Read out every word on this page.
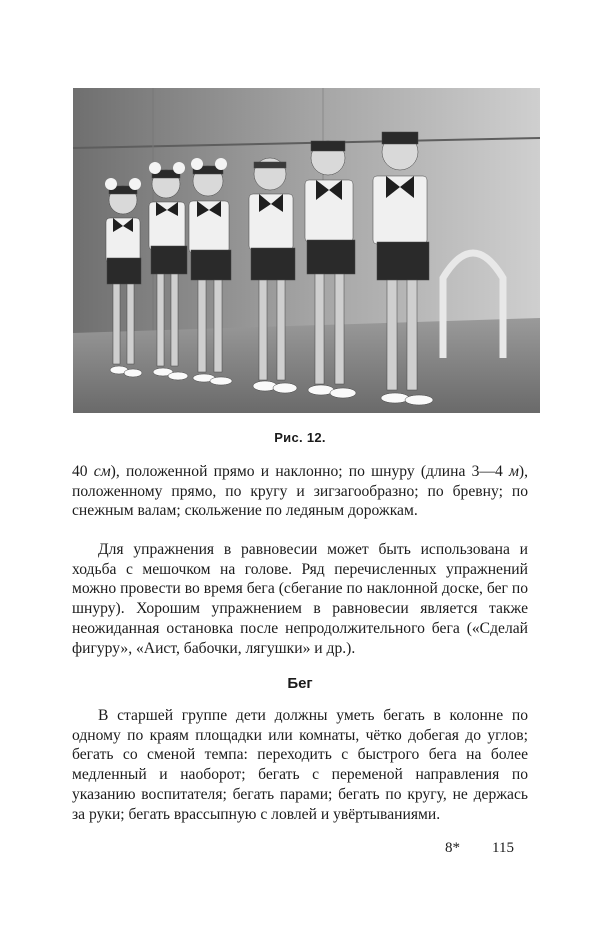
Рис. 12.

40 см), положенной прямо и наклонно; по шнуру (длина 3—4 м), положенному прямо, по кругу и зигзагообразно; по бревну; по снежным валам; скольжение по ледяным дорожкам.

Для упражнения в равновесии может быть использована и ходьба с мешочком на голове. Ряд перечисленных упражнений можно провести во время бега (сбегание по наклонной доске, бег по шнуру). Хорошим упражнением в равновесии является также неожиданная остановка после непродолжительного бега («Сделай фигуру», «Аист, бабочки, лягушки» и др.).

Бег

В старшей группе дети должны уметь бегать в колонне по одному по краям площадки или комнаты, чётко добегая до углов; бегать со сменой темпа: переходить с быстрого бега на более медленный и наоборот; бегать с переменой направления по указанию воспитателя; бегать парами; бегать по кругу, не держась за руки; бегать врассыпную с ловлей и увёртываниями.

8* 115
